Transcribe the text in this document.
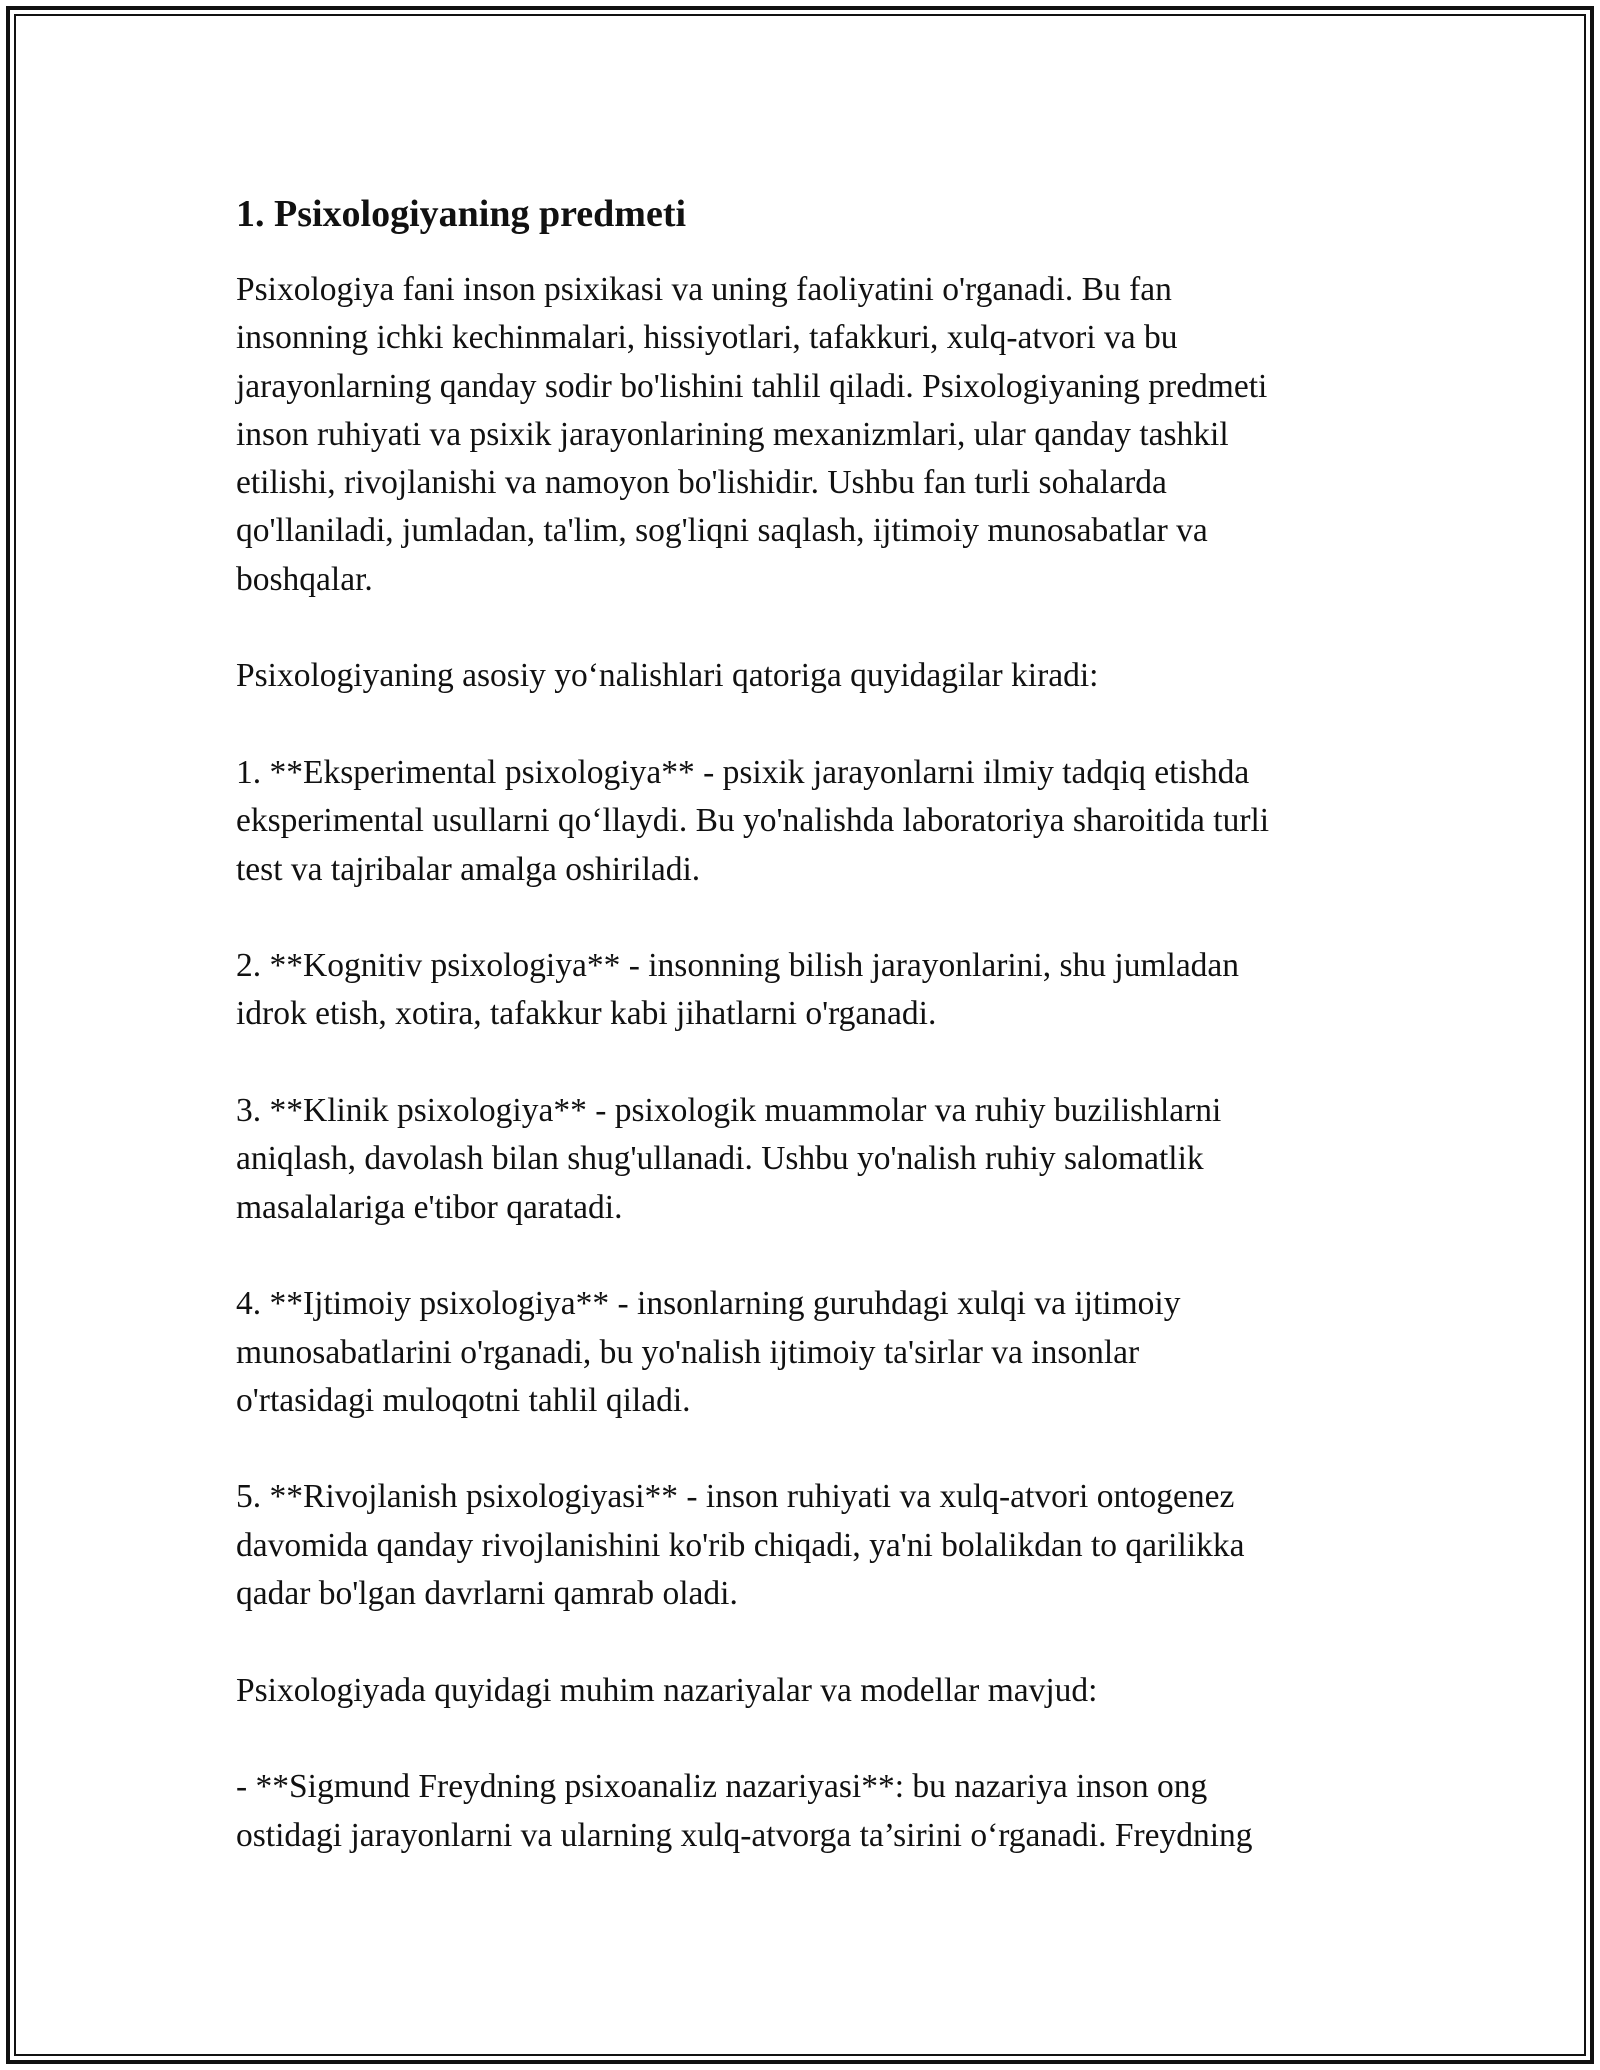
1. Psixologiyaning predmeti
Psixologiya fani inson psixikasi va uning faoliyatini o'rganadi. Bu fan
insonning ichki kechinmalari, hissiyotlari, tafakkuri, xulq-atvori va bu
jarayonlarning qanday sodir bo'lishini tahlil qiladi. Psixologiyaning predmeti
inson ruhiyati va psixik jarayonlarining mexanizmlari, ular qanday tashkil
etilishi, rivojlanishi va namoyon bo'lishidir. Ushbu fan turli sohalarda
qo'llaniladi, jumladan, ta'lim, sog'liqni saqlash, ijtimoiy munosabatlar va
boshqalar.
Psixologiyaning asosiy yo‘nalishlari qatoriga quyidagilar kiradi:
1. **Eksperimental psixologiya** - psixik jarayonlarni ilmiy tadqiq etishda
eksperimental usullarni qo‘llaydi. Bu yo'nalishda laboratoriya sharoitida turli
test va tajribalar amalga oshiriladi.
2. **Kognitiv psixologiya** - insonning bilish jarayonlarini, shu jumladan
idrok etish, xotira, tafakkur kabi jihatlarni o'rganadi.
3. **Klinik psixologiya** - psixologik muammolar va ruhiy buzilishlarni
aniqlash, davolash bilan shug'ullanadi. Ushbu yo'nalish ruhiy salomatlik
masalalariga e'tibor qaratadi.
4. **Ijtimoiy psixologiya** - insonlarning guruhdagi xulqi va ijtimoiy
munosabatlarini o'rganadi, bu yo'nalish ijtimoiy ta'sirlar va insonlar
o'rtasidagi muloqotni tahlil qiladi.
5. **Rivojlanish psixologiyasi** - inson ruhiyati va xulq-atvori ontogenez
davomida qanday rivojlanishini ko'rib chiqadi, ya'ni bolalikdan to qarilikka
qadar bo'lgan davrlarni qamrab oladi.
Psixologiyada quyidagi muhim nazariyalar va modellar mavjud:
- **Sigmund Freydning psixoanaliz nazariyasi**: bu nazariya inson ong
ostidagi jarayonlarni va ularning xulq-atvorga ta’sirini o‘rganadi. Freydning
